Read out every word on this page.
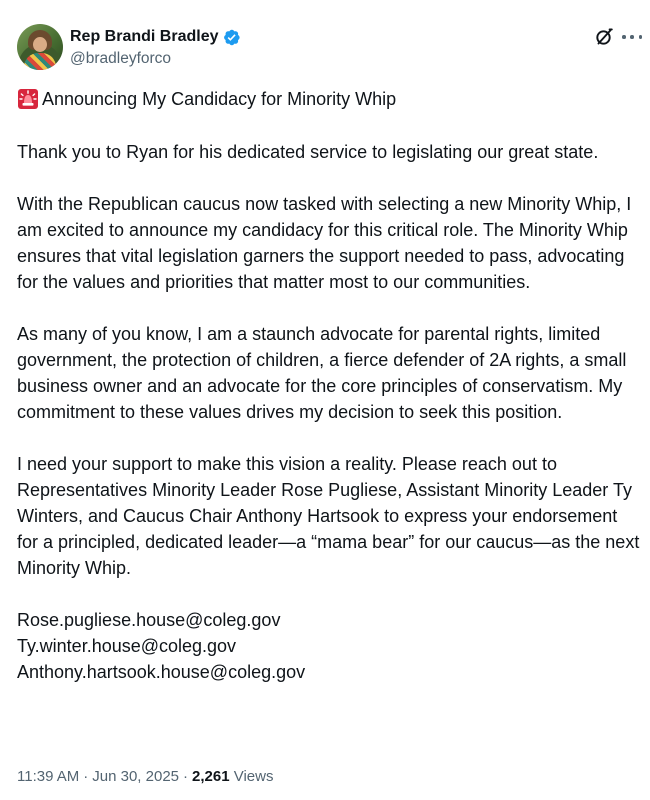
Rep Brandi Bradley
@bradleyforco
Announcing My Candidacy for Minority Whip

Thank you to Ryan for his dedicated service to legislating our great state.

With the Republican caucus now tasked with selecting a new Minority Whip, I am excited to announce my candidacy for this critical role. The Minority Whip ensures that vital legislation garners the support needed to pass, advocating for the values and priorities that matter most to our communities.

As many of you know, I am a staunch advocate for parental rights, limited government, the protection of children, a fierce defender of 2A rights, a small business owner and an advocate for the core principles of conservatism. My commitment to these values drives my decision to seek this position.

I need your support to make this vision a reality. Please reach out to Representatives Minority Leader Rose Pugliese, Assistant Minority Leader Ty Winters, and Caucus Chair Anthony Hartsook to express your endorsement for a principled, dedicated leader—a “mama bear” for our caucus—as the next Minority Whip.

Rose.pugliese.house@coleg.gov
Ty.winter.house@coleg.gov
Anthony.hartsook.house@coleg.gov
11:39 AM · Jun 30, 2025 · 2,261 Views
